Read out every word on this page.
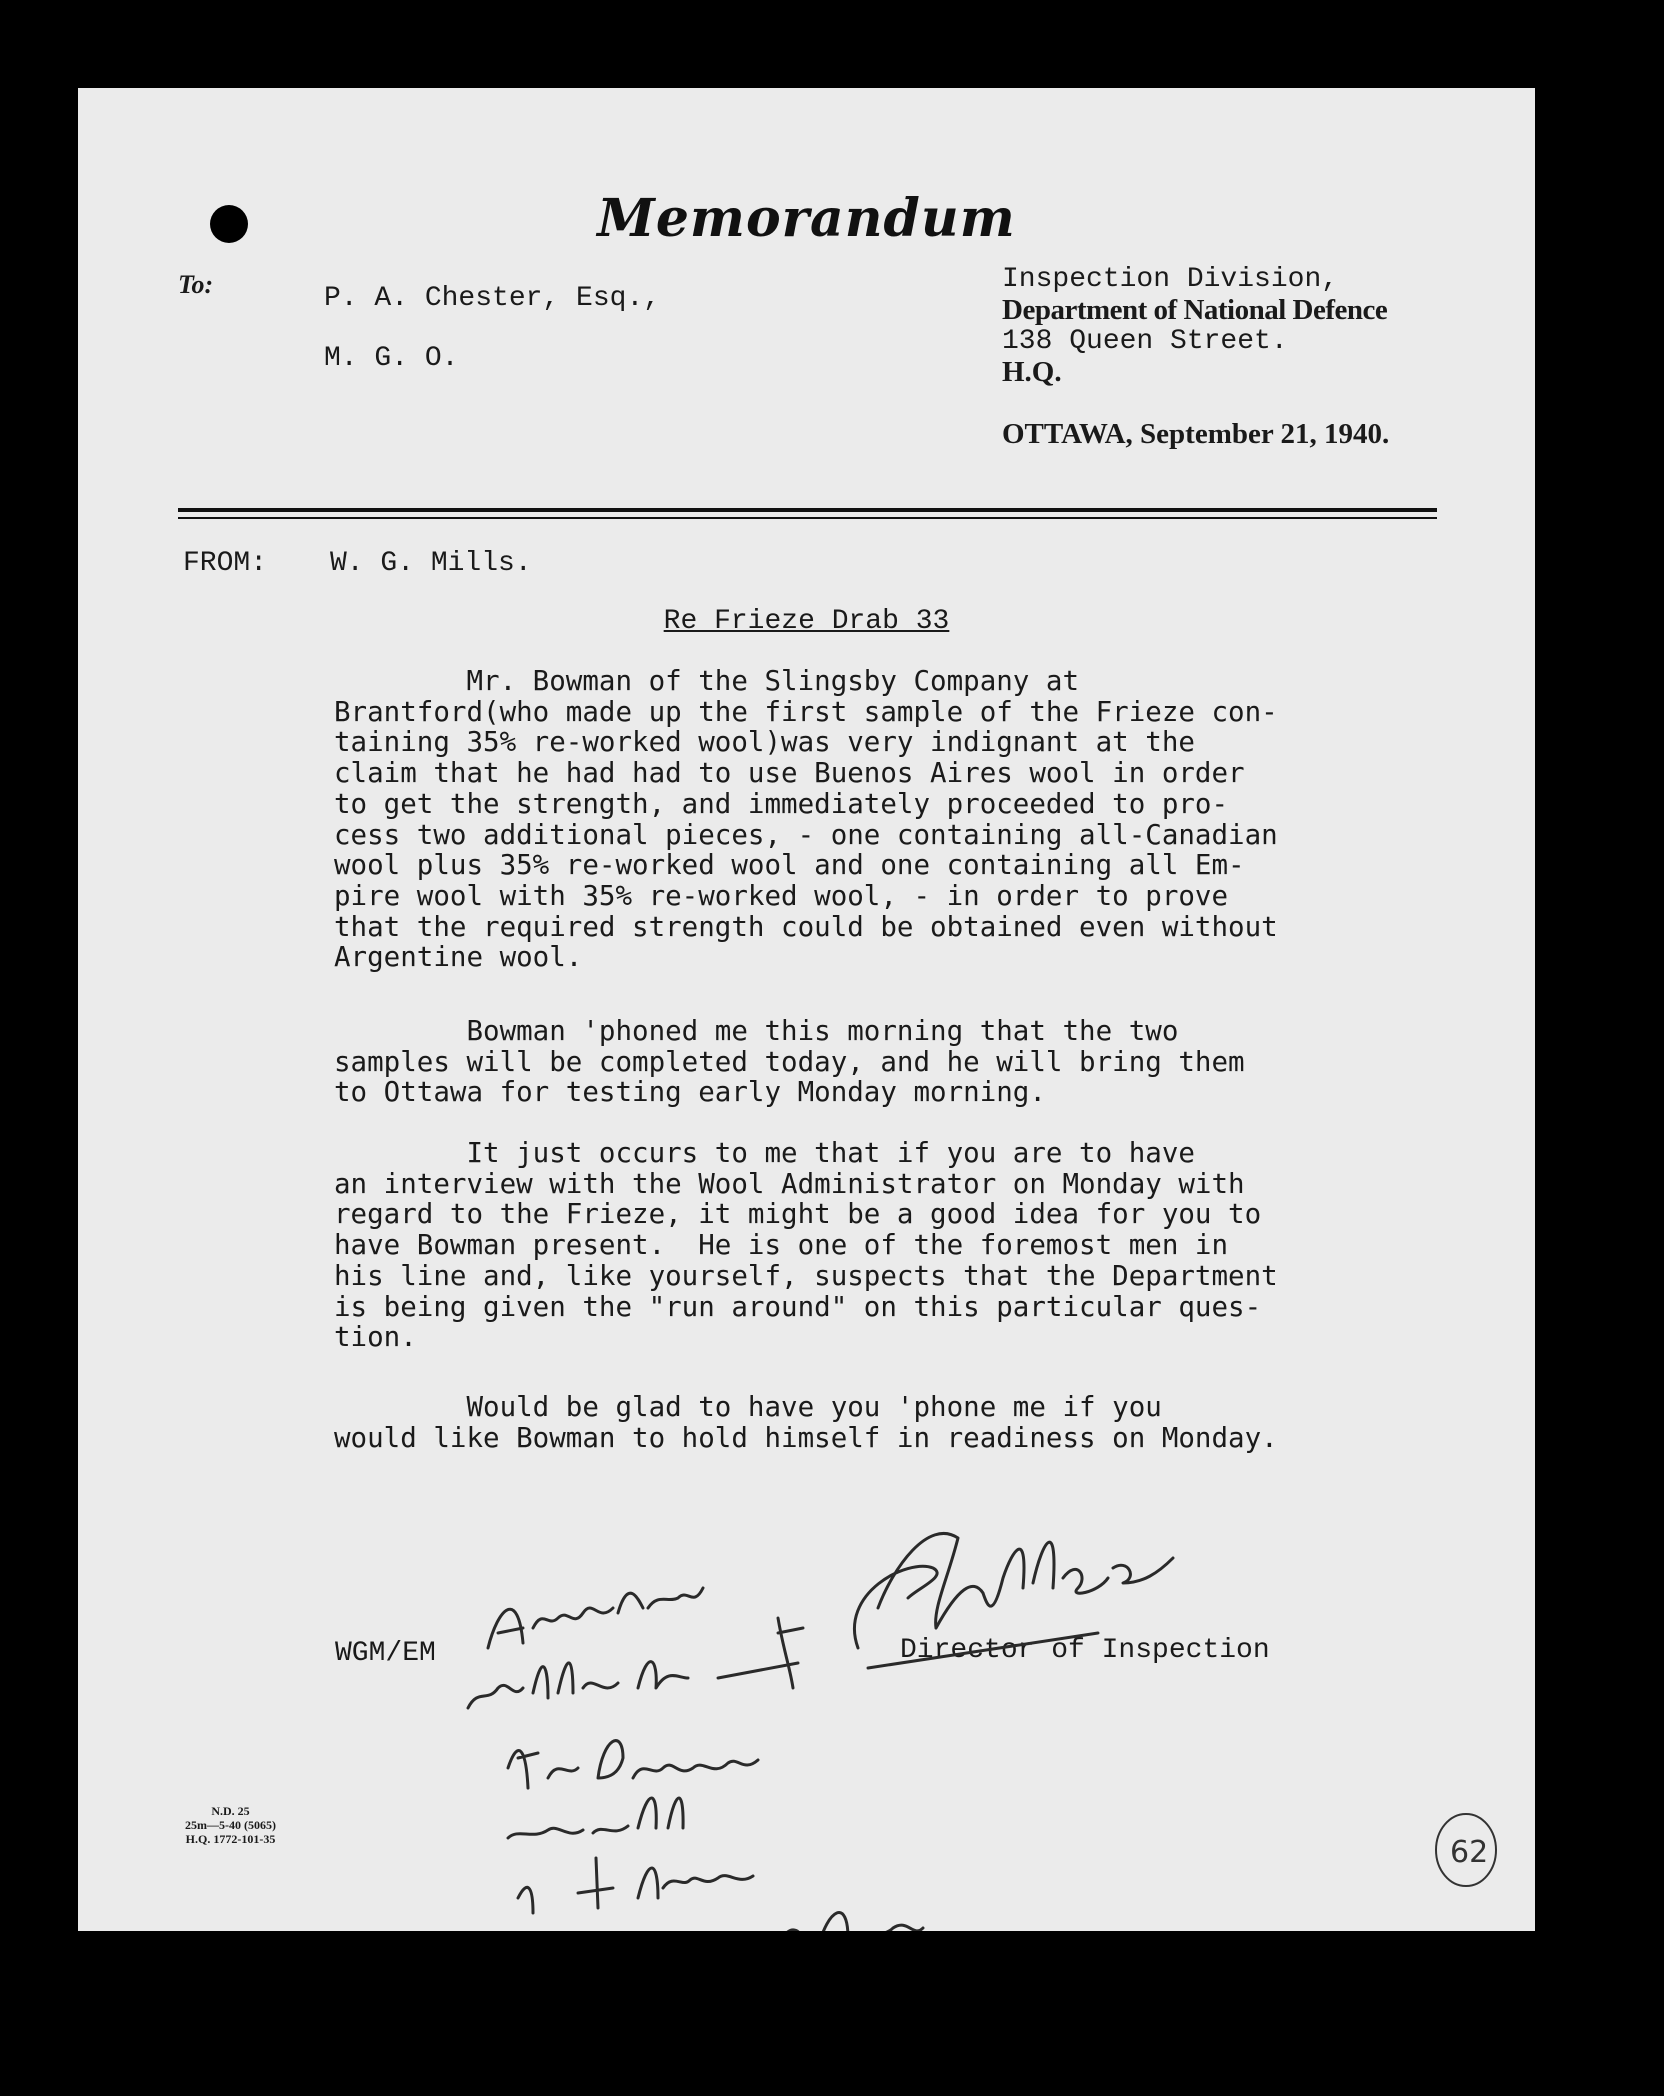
Memorandum
To:	P. A. Chester, Esq.,
M. G. O.
Inspection Division,
Department of National Defence
138 Queen Street.
H.Q.
OTTAWA, September 21, 1940.
FROM: W. G. Mills.
Re Frieze Drab 33
Mr. Bowman of the Slingsby Company at
Brantford(who made up the first sample of the Frieze con-
taining 35% re-worked wool)was very indignant at the
claim that he had had to use Buenos Aires wool in order
to get the strength, and immediately proceeded to pro-
cess two additional pieces, - one containing all-Canadian
wool plus 35% re-worked wool and one containing all Em-
pire wool with 35% re-worked wool, - in order to prove
that the required strength could be obtained even without
Argentine wool.
Bowman 'phoned me this morning that the two
samples will be completed today, and he will bring them
to Ottawa for testing early Monday morning.
It just occurs to me that if you are to have
an interview with the Wool Administrator on Monday with
regard to the Frieze, it might be a good idea for you to
have Bowman present.  He is one of the foremost men in
his line and, like yourself, suspects that the Department
is being given the "run around" on this particular ques-
tion.
Would be glad to have you 'phone me if you
would like Bowman to hold himself in readiness on Monday.
WGM/EM	Director of Inspection
N.D. 25
25m—5-40 (5065)
H.Q. 1772-101-35	62
